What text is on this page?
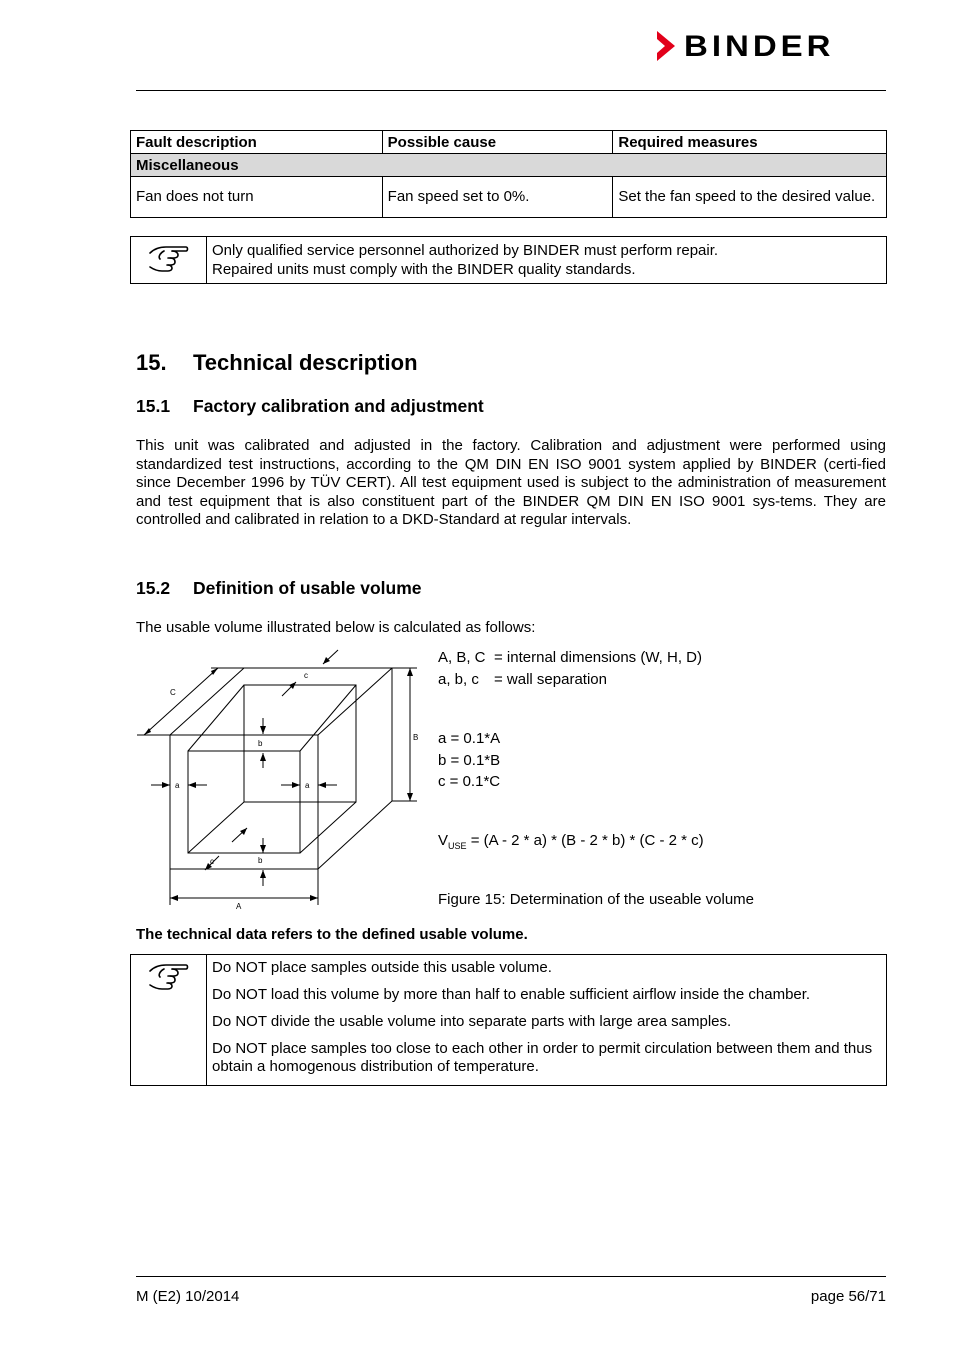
BINDER
Fault description	Possible cause	Required measures
Miscellaneous		
Fan does not turn	Fan speed set to 0%.	Set the fan speed to the desired value.
Only qualified service personnel authorized by BINDER must perform repair.
Repaired units must comply with the BINDER quality standards.
15. Technical description
15.1 Factory calibration and adjustment
This unit was calibrated and adjusted in the factory. Calibration and adjustment were performed using standardized test instructions, according to the QM DIN EN ISO 9001 system applied by BINDER (certi-fied since December 1996 by TÜV CERT). All test equipment used is subject to the administration of measurement and test equipment that is also constituent part of the BINDER QM DIN EN ISO 9001 sys-tems. They are controlled and calibrated in relation to a DKD-Standard at regular intervals.
15.2 Definition of usable volume
The usable volume illustrated below is calculated as follows:
C
B
A
c
c
b
b
a	a
A, B, C = internal dimensions (W, H, D)
a, b, c = wall separation
a = 0.1*A
b = 0.1*B
c = 0.1*C
$V_{USE} = (A - 2 * a) * (B - 2 * b) * (C - 2 * c)$
Figure 15: Determination of the useable volume
The technical data refers to the defined usable volume.

Do NOT place samples outside this usable volume.

Do NOT load this volume by more than half to enable sufficient airflow inside the chamber.

Do NOT divide the usable volume into separate parts with large area samples.

Do NOT place samples too close to each other in order to permit circulation between them and thus obtain a homogenous distribution of temperature.

M (E2) 10/2014	page 56/71
